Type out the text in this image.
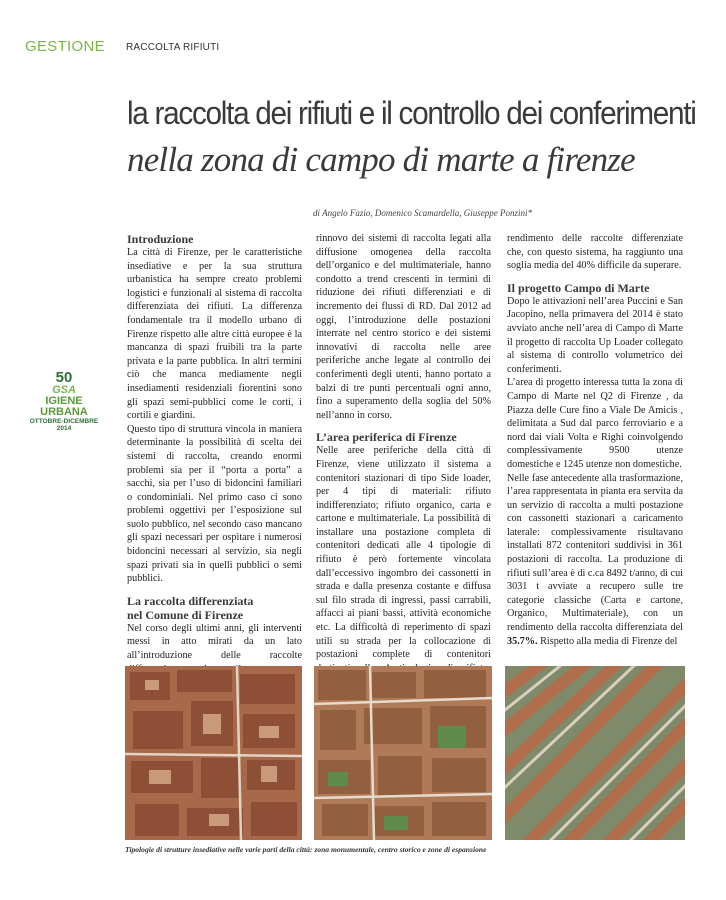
GESTIONE RACCOLTA RIFIUTI
la raccolta dei rifiuti e il controllo dei conferimenti
nella zona di campo di marte a firenze
di Angelo Fazio, Domenico Scamardella, Giuseppe Ponzini*
50
GSA
IGIENE URBANA
OTTOBRE-DICEMBRE 2014
Introduzione

La città di Firenze, per le caratteristiche insediative e per la sua struttura urbanistica ha sempre creato problemi logistici e funzionali al sistema di raccolta differenziata dei rifiuti. La differenza fondamentale tra il modello urbano di Firenze rispetto alle altre città europee è la mancanza di spazi fruibili tra la parte privata e la parte pubblica. In altri termini ciò che manca mediamente negli insediamenti residenziali fiorentini sono gli spazi semi-pubblici come le corti, i cortili e giardini.

Questo tipo di struttura vincola in maniera determinante la possibilità di scelta dei sistemi di raccolta, creando enormi problemi sia per il “porta a porta” a sacchi, sia per l’uso di bidoncini familiari o condominiali. Nel primo caso ci sono problemi oggettivi per l’esposizione sul suolo pubblico, nel secondo caso mancano gli spazi necessari per ospitare i numerosi bidoncini necessari al servizio, sia negli spazi privati sia in quelli pubblici o semi pubblici.

La raccolta differenziata
nel Comune di Firenze

Nel corso degli ultimi anni, gli interventi messi in atto mirati da un lato all’introduzione delle raccolte

rinnovo dei sistemi di raccolta legati alla diffusione omogenea della raccolta dell’organico e del multimateriale, hanno condotto a trend crescenti in termini di riduzione dei rifiuti differenziati e di incremento dei flussi di RD. Dal 2012 ad oggi, l’introduzione delle postazioni interrate nel centro storico e dei sistemi innovativi di raccolta nelle aree periferiche anche legate al controllo dei conferimenti degli utenti, hanno portato a balzi di tre punti percentuali ogni anno, fino a superamento della soglia del 50% nell’anno in corso.

L’area periferica di Firenze

Nelle aree periferiche della città di Firenze, viene utilizzato il sistema a contenitori stazionari di tipo Side loader, per 4 tipi di materiali: rifiuto indifferenziato; rifiuto organico, carta e cartone e multimateriale. La possibilità di installare una postazione completa di contenitori dedicati alle 4 tipologie di rifiuto è però fortemente vincolata dall’eccessivo ingombro dei cassonetti in strada e dalla presenza costante e diffusa sul filo strada di ingressi, passi carrabili, affacci ai piani bassi, attività economiche etc. La difficoltà di reperimento di spazi utili su strada per la collocazione di postazioni complete di contenitori

rendimento delle raccolte differenziate che, con questo sistema, ha raggiunto una soglia media del 40% difficile da superare.

Il progetto Campo di Marte

Dopo le attivazioni nell’area Puccini e San Jacopino, nella primavera del 2014 è stato avviato anche nell’area di Campo di Marte il progetto di raccolta Up Loader collegato al sistema di controllo volumetrico dei conferimenti.

L’area di progetto interessa tutta la zona di Campo di Marte nel Q2 di Firenze , da Piazza delle Cure fino a Viale De Amicis , delimitata a Sud dal parco ferroviario e a nord dai viali Volta e Righi coinvolgendo complessivamente 9500 utenze domestiche e 1245 utenze non domestiche.

Nelle fase antecedente alla trasformazione, l’area rappresentata in pianta era servita da un servizio di raccolta a multi postazione con cassonetti stazionari a caricamento laterale: complessivamente risultavano installati 872 contenitori suddivisi in 361 postazioni di raccolta. La produzione di rifiuti sull’area è di c.ca 8492 t/anno, di cui 3031 t avviate a recupero sulle tre categorie classiche (Carta e cartone, Organico, Multimateriale), con un rendimento della raccolta differenziata del 35.7%. Rispetto alla media di Firenze del

Tipologie di strutture insediative nelle varie parti della città: zona monumentale, centro storico e zone di espansione
